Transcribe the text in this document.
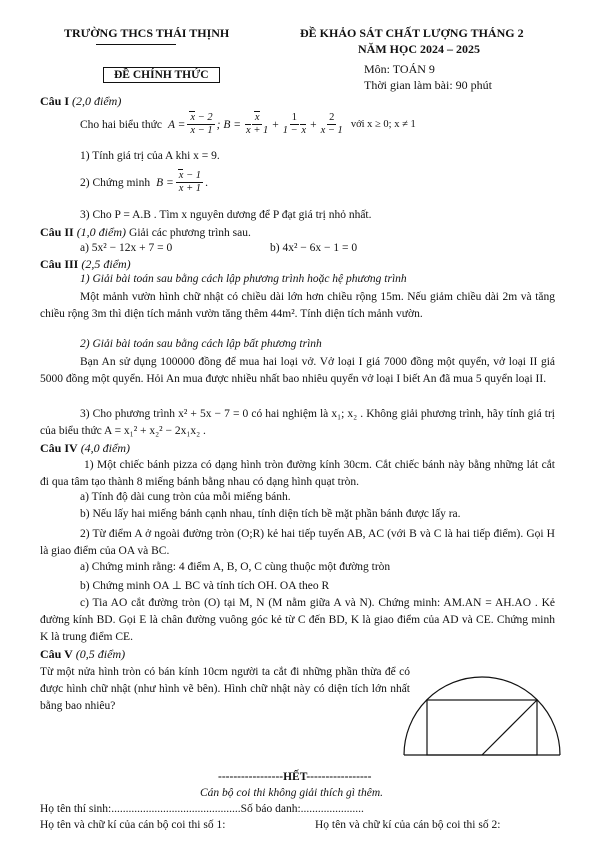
TRƯỜNG THCS THÁI THỊNH	ĐỀ KHẢO SÁT CHẤT LƯỢNG THÁNG 2
NĂM HỌC 2024 – 2025
ĐỀ CHÍNH THỨC	Môn: TOÁN 9
Thời gian làm bài: 90 phút
Câu I (2,0 điểm)
Cho hai biểu thức $A = \frac{x - 2}{x - 1}$ ; $B = \frac{x}{x + 1} + \frac{1}{1 - x} + \frac{2}{x - 1}$ với x ≥ 0; x ≠ 1
1) Tính giá trị của A khi x = 9.
2) Chứng minh $B = \frac{x - 1}{x + 1}$ .
3) Cho P = A.B . Tìm x nguyên dương để P đạt giá trị nhỏ nhất.
Câu II (1,0 điểm) Giải các phương trình sau.
a) 5x² − 12x + 7 = 0	b) 4x² − 6x − 1 = 0
Câu III (2,5 điểm)
1) Giải bài toán sau bằng cách lập phương trình hoặc hệ phương trình
Một mảnh vườn hình chữ nhật có chiều dài lớn hơn chiều rộng 15m. Nếu giảm chiều dài 2m và tăng chiều rộng 3m thì diện tích mảnh vườn tăng thêm 44m². Tính diện tích mảnh vườn.
2) Giải bài toán sau bằng cách lập bất phương trình
Bạn An sử dụng 100000 đồng để mua hai loại vở. Vở loại I giá 7000 đồng một quyển, vở loại II giá 5000 đồng một quyển. Hỏi An mua được nhiều nhất bao nhiêu quyển vở loại I biết An đã mua 5 quyển loại II.
3) Cho phương trình x² + 5x − 7 = 0 có hai nghiệm là x₁; x₂ . Không giải phương trình, hãy tính giá trị của biểu thức A = x₁² + x₂² − 2x₁x₂ .
Câu IV (4,0 điểm)
1) Một chiếc bánh pizza có dạng hình tròn đường kính 30cm. Cắt chiếc bánh này bằng những lát cắt đi qua tâm tạo thành 8 miếng bánh bằng nhau có dạng hình quạt tròn.
a) Tính độ dài cung tròn của mỗi miếng bánh.
b) Nếu lấy hai miếng bánh cạnh nhau, tính diện tích bề mặt phần bánh được lấy ra.
2) Từ điểm A ở ngoài đường tròn (O;R) kẻ hai tiếp tuyến AB, AC (với B và C là hai tiếp điểm). Gọi H là giao điểm của OA và BC.
a) Chứng minh rằng: 4 điểm A, B, O, C cùng thuộc một đường tròn
b) Chứng minh OA ⊥ BC và tính tích OH. OA theo R
c) Tia AO cắt đường tròn (O) tại M, N (M nằm giữa A và N). Chứng minh: AM.AN = AH.AO . Kẻ đường kính BD. Gọi E là chân đường vuông góc kẻ từ C đến BD, K là giao điểm của AD và CE. Chứng minh K là trung điểm CE.
Câu V (0,5 điểm)
Từ một nửa hình tròn có bán kính 10cm người ta cắt đi những phần thừa để có được hình chữ nhật (như hình vẽ bên). Hình chữ nhật này có diện tích lớn nhất bằng bao nhiêu?
-----------------HẾT-----------------
Cán bộ coi thi không giải thích gì thêm.
Họ tên thí sinh:.............................................Số báo danh:......................
Họ tên và chữ kí của cán bộ coi thi số 1:	Họ tên và chữ kí của cán bộ coi thi số 2:
